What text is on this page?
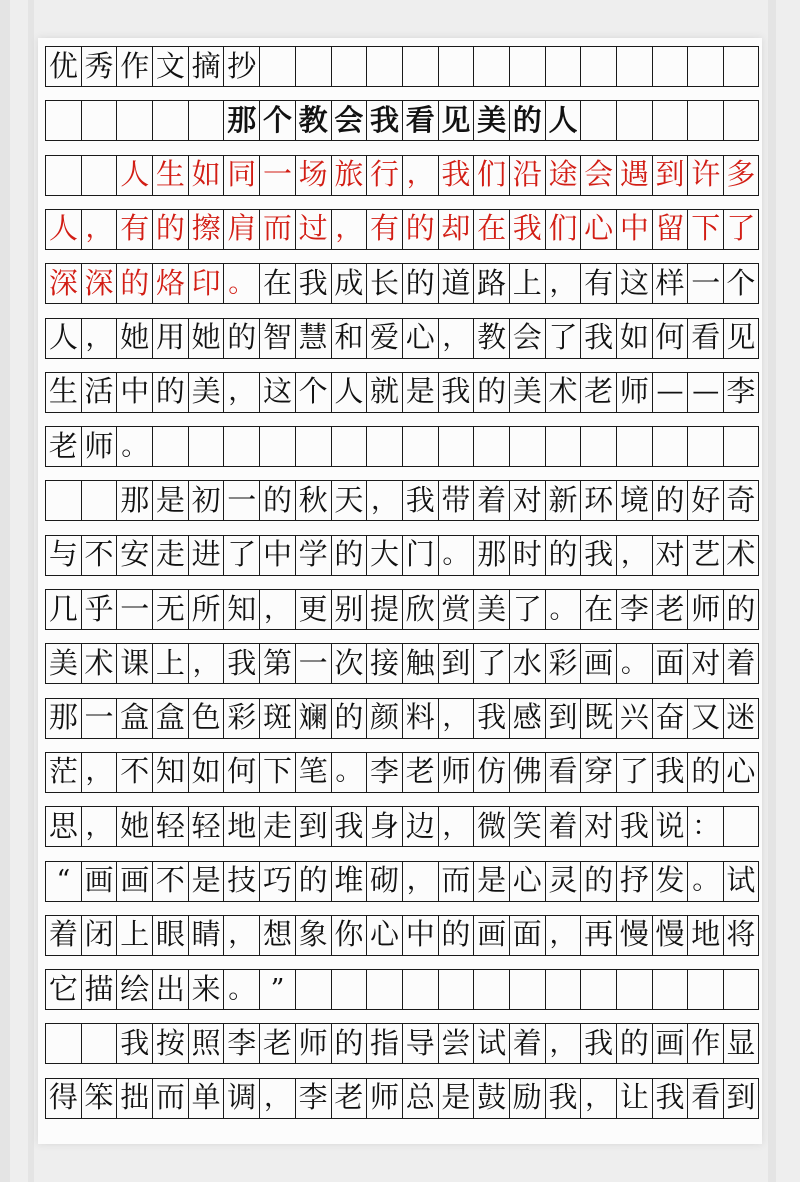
优 秀 作 文 摘 抄
那 个 教 会 我 看 见 美 的 人
人 生 如 同 一 场 旅 行 ， 我 们 沿 途 会 遇 到 许 多
人 ， 有 的 擦 肩 而 过 ， 有 的 却 在 我 们 心 中 留 下 了
深 深 的 烙 印 。 在 我 成 长 的 道 路 上 ， 有 这 样 一 个
人 ， 她 用 她 的 智 慧 和 爱 心 ， 教 会 了 我 如 何 看 见
生 活 中 的 美 ， 这 个 人 就 是 我 的 美 术 老 师 — — 李
老 师 。
那 是 初 一 的 秋 天 ， 我 带 着 对 新 环 境 的 好 奇
与 不 安 走 进 了 中 学 的 大 门 。 那 时 的 我 ， 对 艺 术
几 乎 一 无 所 知 ， 更 别 提 欣 赏 美 了 。 在 李 老 师 的
美 术 课 上 ， 我 第 一 次 接 触 到 了 水 彩 画 。 面 对 着
那 一 盒 盒 色 彩 斑 斓 的 颜 料 ， 我 感 到 既 兴 奋 又 迷
茫 ， 不 知 如 何 下 笔 。 李 老 师 仿 佛 看 穿 了 我 的 心
思 ， 她 轻 轻 地 走 到 我 身 边 ， 微 笑 着 对 我 说 ：
“ 画 画 不 是 技 巧 的 堆 砌 ， 而 是 心 灵 的 抒 发 。 试
着 闭 上 眼 睛 ， 想 象 你 心 中 的 画 面 ， 再 慢 慢 地 将
它 描 绘 出 来 。 ”
我 按 照 李 老 师 的 指 导 尝 试 着 ， 我 的 画 作 显
得 笨 拙 而 单 调 ， 李 老 师 总 是 鼓 励 我 ， 让 我 看 到
